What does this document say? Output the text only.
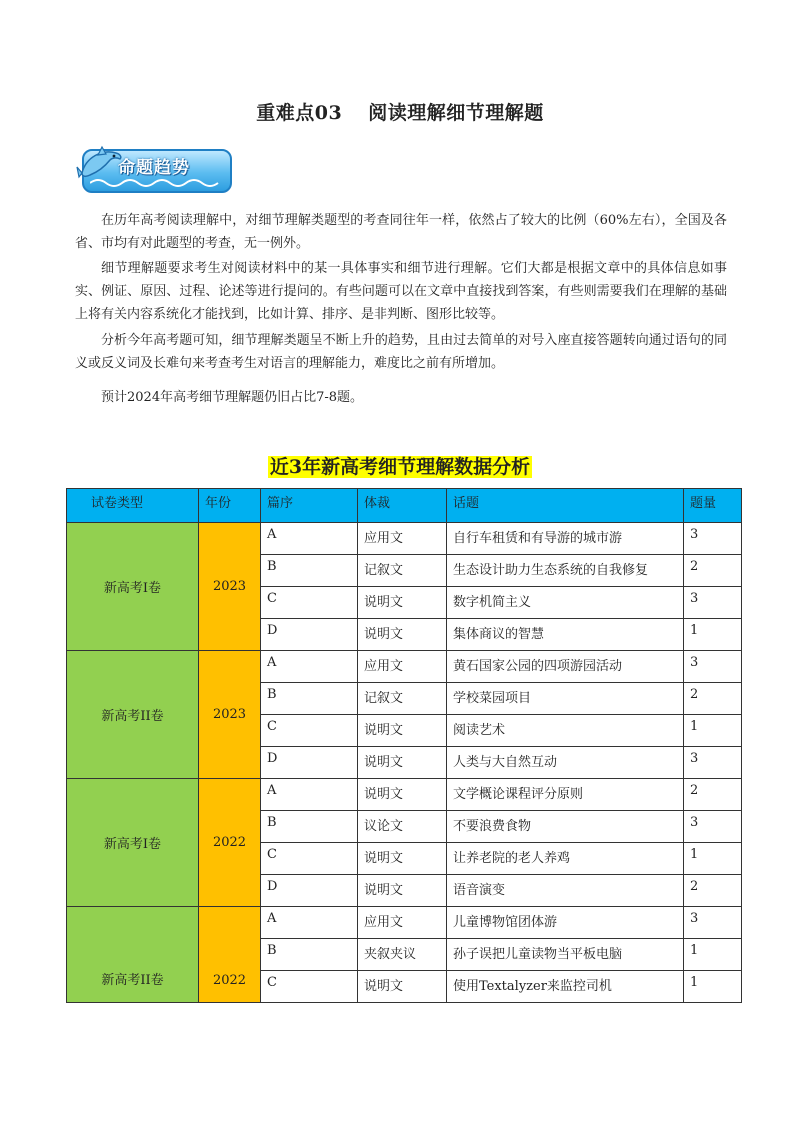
重难点03 阅读理解细节理解题
命题趋势
在历年高考阅读理解中，对细节理解类题型的考查同往年一样，依然占了较大的比例（60%左右），全国及各省、市均有对此题型的考查，无一例外。
细节理解题要求考生对阅读材料中的某一具体事实和细节进行理解。它们大都是根据文章中的具体信息如事实、例证、原因、过程、论述等进行提问的。有些问题可以在文章中直接找到答案，有些则需要我们在理解的基础上将有关内容系统化才能找到，比如计算、排序、是非判断、图形比较等。
分析今年高考题可知，细节理解类题呈不断上升的趋势，且由过去简单的对号入座直接答题转向通过语句的同义或反义词及长难句来考查考生对语言的理解能力，难度比之前有所增加。
预计2024年高考细节理解题仍旧占比7-8题。
近3年新高考细节理解数据分析
试卷类型	年份	篇序	体裁	话题	题量
新高考I卷	2023	A	应用文	自行车租赁和有导游的城市游	3
		B	记叙文	生态设计助力生态系统的自我修复	2
		C	说明文	数字机简主义	3
		D	说明文	集体商议的智慧	1
新高考II卷	2023	A	应用文	黄石国家公园的四项游园活动	3
		B	记叙文	学校菜园项目	2
		C	说明文	阅读艺术	1
		D	说明文	人类与大自然互动	3
新高考I卷	2022	A	说明文	文学概论课程评分原则	2
		B	议论文	不要浪费食物	3
		C	说明文	让养老院的老人养鸡	1
		D	说明文	语音演变	2
新高考II卷	2022	A	应用文	儿童博物馆团体游	3
		B	夹叙夹议	孙子误把儿童读物当平板电脑	1
		C	说明文	使用Textalyzer来监控司机	1
